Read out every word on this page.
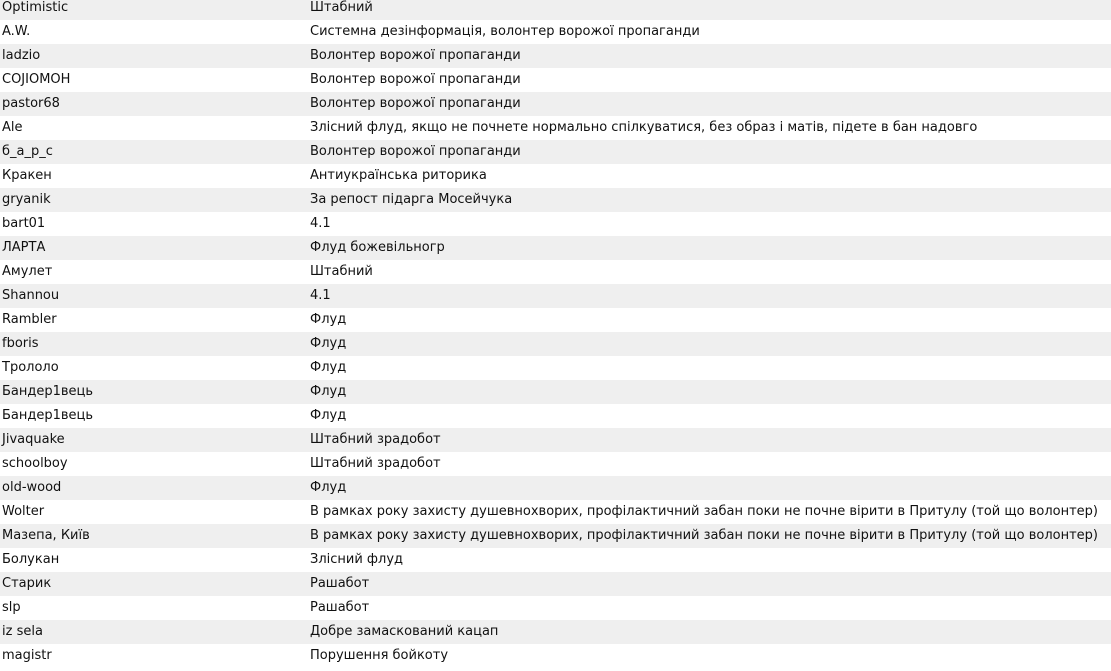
Optimistic	Штабний
A.W.	Системна дезінформація, волонтер ворожої пропаганди
ladzio	Волонтер ворожої пропаганди
СОJIОМОН	Волонтер ворожої пропаганди
pastor68	Волонтер ворожої пропаганди
Ale	Злісний флуд, якщо не почнете нормально спілкуватися, без образ і матів, підете в бан надовго
б_а_р_с	Волонтер ворожої пропаганди
Кракен	Антиукраїнська риторика
gryanik	За репост підарга Мосейчука
bart01	4.1
ЛАРТА	Флуд божевільногр
Амулет	Штабний
Shannou	4.1
Rambler	Флуд
fboris	Флуд
Трололо	Флуд
Бандер1вець	Флуд
Бандер1вець	Флуд
Jivaquake	Штабний зрадобот
schoolboy	Штабний зрадобот
old-wood	Флуд
Wolter	В рамках року захисту душевнохворих, профілактичний забан поки не почне вірити в Притулу (той що волонтер)
Мазепа, Київ	В рамках року захисту душевнохворих, профілактичний забан поки не почне вірити в Притулу (той що волонтер)
Болукан	Злісний флуд
Старик	Рашабот
slp	Рашабот
iz sela	Добре замаскований кацап
magistr	Порушення бойкоту
